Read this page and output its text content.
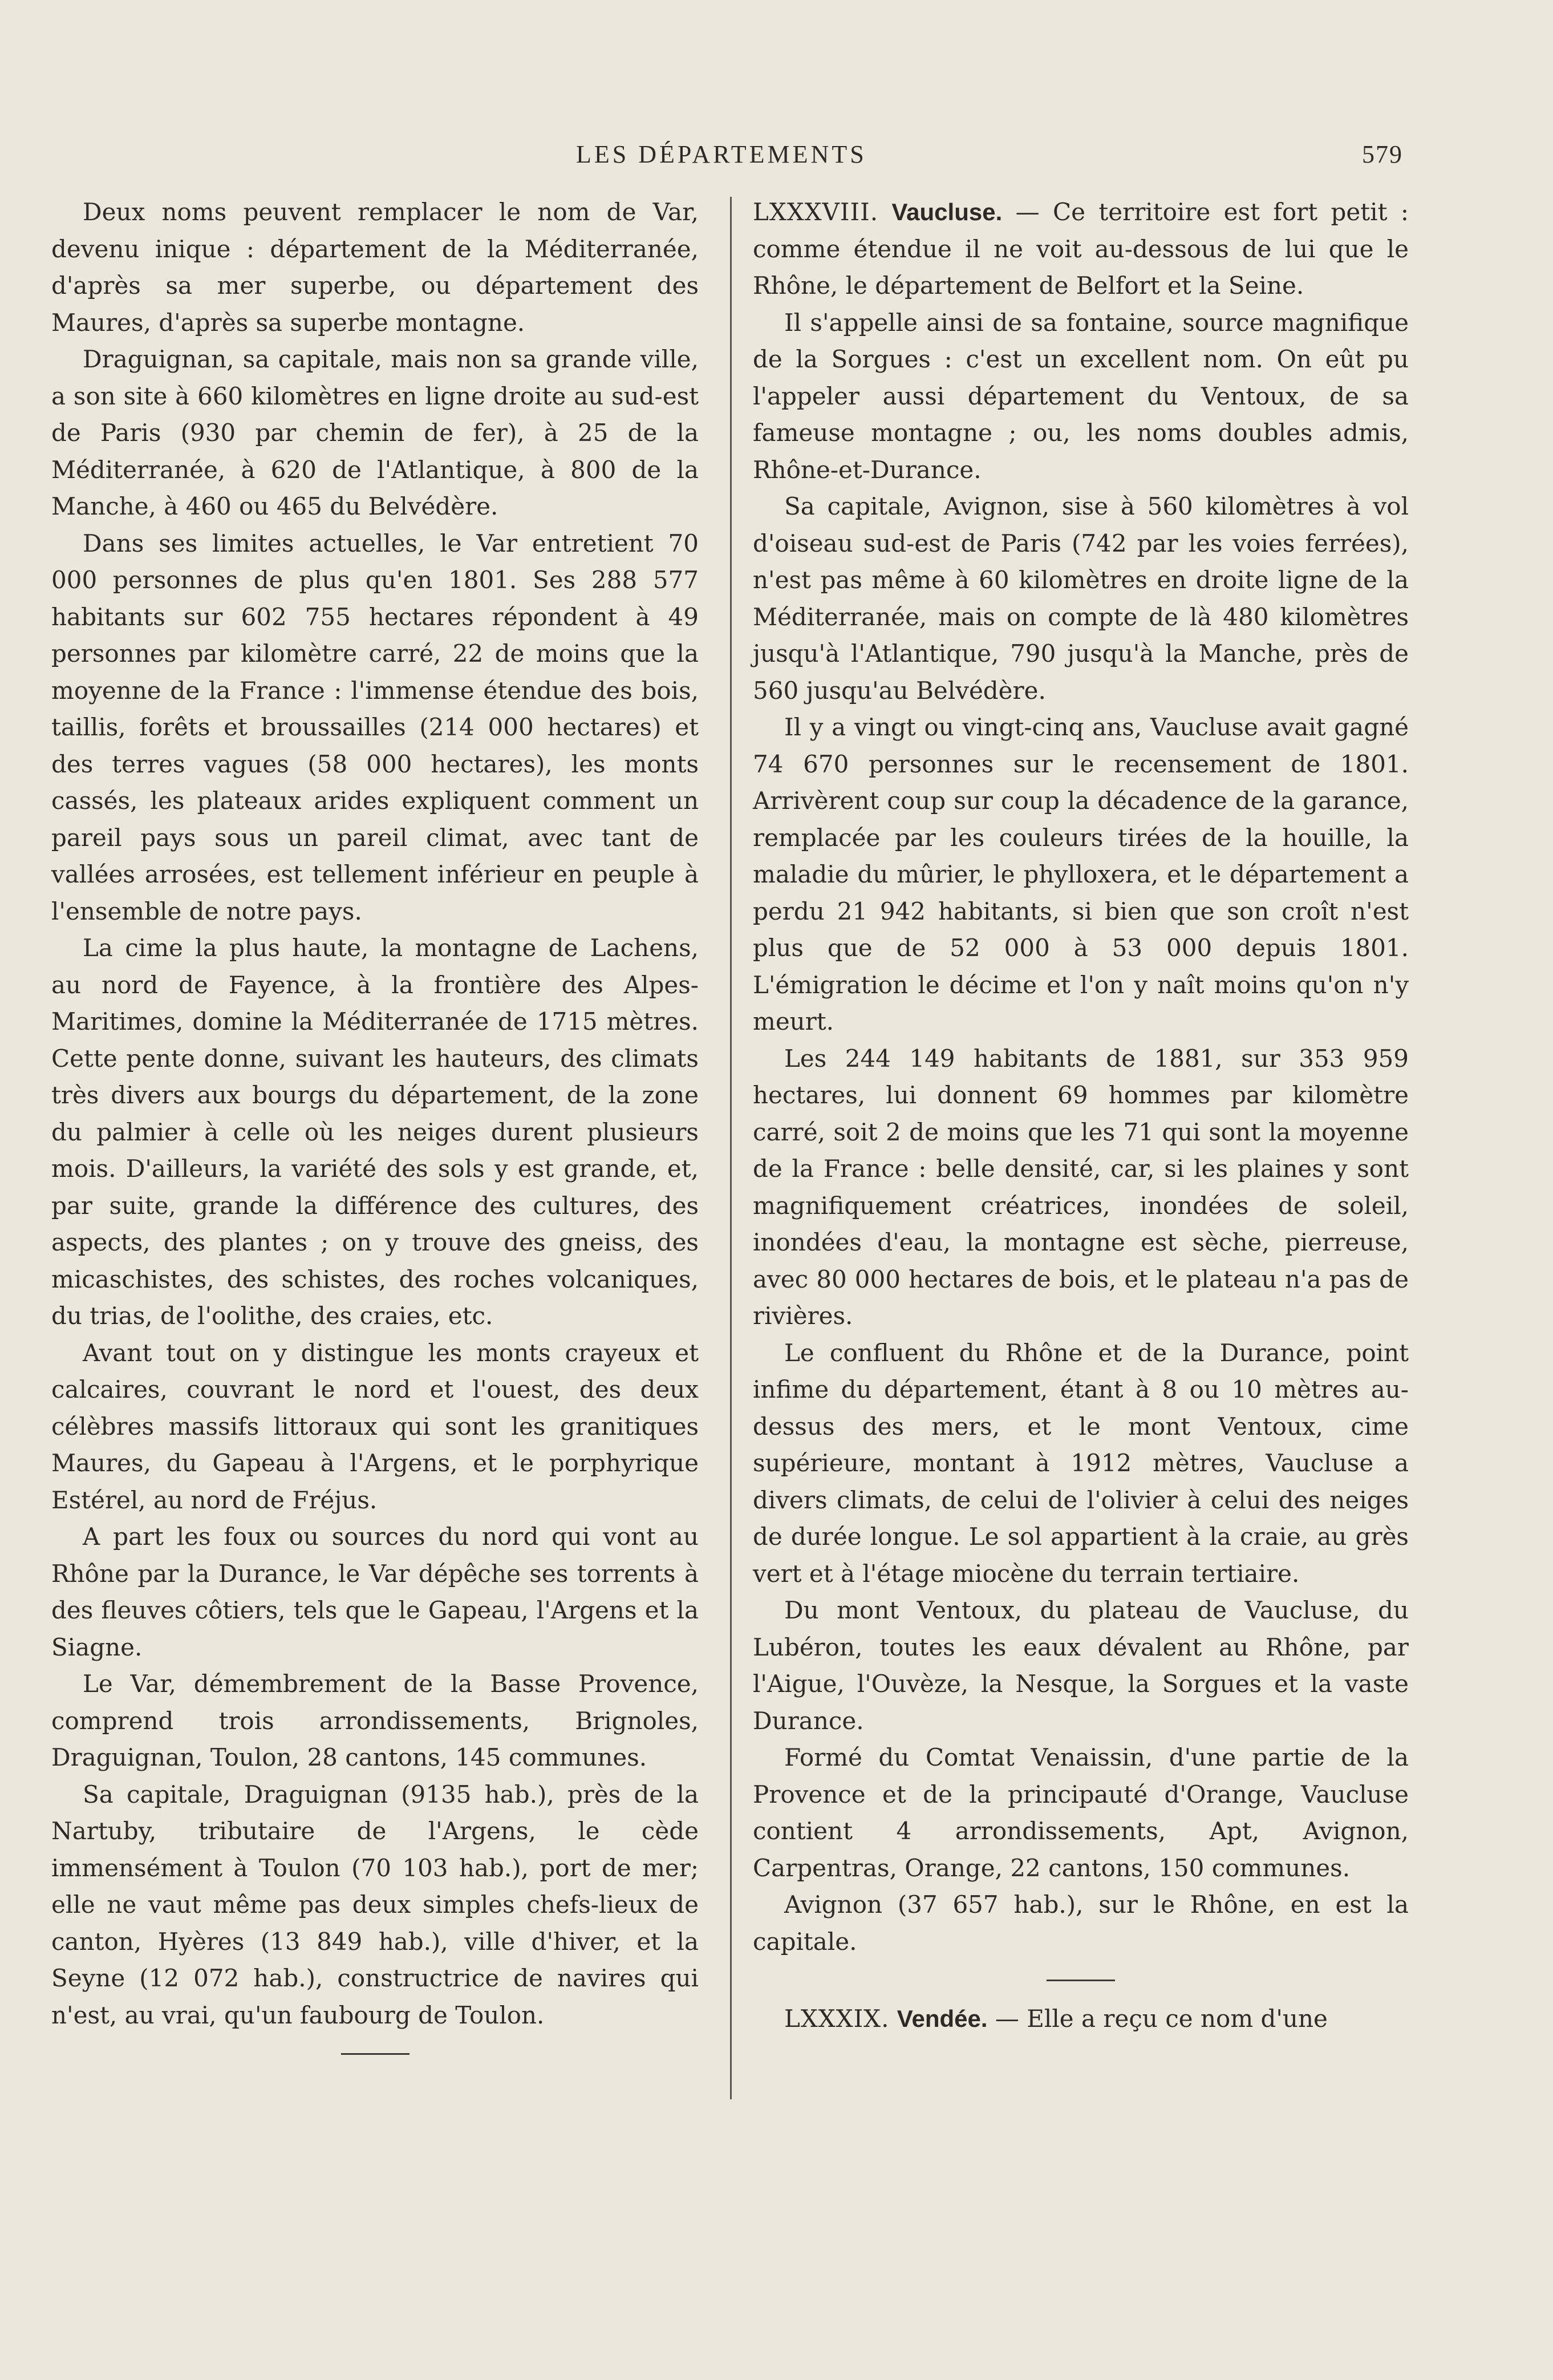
LES DÉPARTEMENTS	579

Deux noms peuvent remplacer le nom de Var, devenu inique : département de la Méditerranée, d'après sa mer superbe, ou département des Maures, d'après sa superbe montagne.

Draguignan, sa capitale, mais non sa grande ville, a son site à 660 kilomètres en ligne droite au sud-est de Paris (930 par chemin de fer), à 25 de la Méditerranée, à 620 de l'Atlantique, à 800 de la Manche, à 460 ou 465 du Belvédère.

Dans ses limites actuelles, le Var entretient 70 000 personnes de plus qu'en 1801. Ses 288 577 habitants sur 602 755 hectares répondent à 49 personnes par kilomètre carré, 22 de moins que la moyenne de la France : l'immense étendue des bois, taillis, forêts et broussailles (214 000 hectares) et des terres vagues (58 000 hectares), les monts cassés, les plateaux arides expliquent comment un pareil pays sous un pareil climat, avec tant de vallées arrosées, est tellement inférieur en peuple à l'ensemble de notre pays.

La cime la plus haute, la montagne de Lachens, au nord de Fayence, à la frontière des Alpes-Maritimes, domine la Méditerranée de 1715 mètres. Cette pente donne, suivant les hauteurs, des climats très divers aux bourgs du département, de la zone du palmier à celle où les neiges durent plusieurs mois. D'ailleurs, la variété des sols y est grande, et, par suite, grande la différence des cultures, des aspects, des plantes ; on y trouve des gneiss, des micaschistes, des schistes, des roches volcaniques, du trias, de l'oolithe, des craies, etc.

Avant tout on y distingue les monts crayeux et calcaires, couvrant le nord et l'ouest, des deux célèbres massifs littoraux qui sont les granitiques Maures, du Gapeau à l'Argens, et le porphyrique Estérel, au nord de Fréjus.

A part les foux ou sources du nord qui vont au Rhône par la Durance, le Var dépêche ses torrents à des fleuves côtiers, tels que le Gapeau, l'Argens et la Siagne.

Le Var, démembrement de la Basse Provence, comprend trois arrondissements, Brignoles, Draguignan, Toulon, 28 cantons, 145 communes.

Sa capitale, Draguignan (9135 hab.), près de la Nartuby, tributaire de l'Argens, le cède immensément à Toulon (70 103 hab.), port de mer; elle ne vaut même pas deux simples chefs-lieux de canton, Hyères (13 849 hab.), ville d'hiver, et la Seyne (12 072 hab.), constructrice de navires qui n'est, au vrai, qu'un faubourg de Toulon.

LXXXVIII. Vaucluse. — Ce territoire est fort petit : comme étendue il ne voit au-dessous de lui que le Rhône, le département de Belfort et la Seine.

Il s'appelle ainsi de sa fontaine, source magnifique de la Sorgues : c'est un excellent nom. On eût pu l'appeler aussi département du Ventoux, de sa fameuse montagne ; ou, les noms doubles admis, Rhône-et-Durance.

Sa capitale, Avignon, sise à 560 kilomètres à vol d'oiseau sud-est de Paris (742 par les voies ferrées), n'est pas même à 60 kilomètres en droite ligne de la Méditerranée, mais on compte de là 480 kilomètres jusqu'à l'Atlantique, 790 jusqu'à la Manche, près de 560 jusqu'au Belvédère.

Il y a vingt ou vingt-cinq ans, Vaucluse avait gagné 74 670 personnes sur le recensement de 1801. Arrivèrent coup sur coup la décadence de la garance, remplacée par les couleurs tirées de la houille, la maladie du mûrier, le phylloxera, et le département a perdu 21 942 habitants, si bien que son croît n'est plus que de 52 000 à 53 000 depuis 1801. L'émigration le décime et l'on y naît moins qu'on n'y meurt.

Les 244 149 habitants de 1881, sur 353 959 hectares, lui donnent 69 hommes par kilomètre carré, soit 2 de moins que les 71 qui sont la moyenne de la France : belle densité, car, si les plaines y sont magnifiquement créatrices, inondées de soleil, inondées d'eau, la montagne est sèche, pierreuse, avec 80 000 hectares de bois, et le plateau n'a pas de rivières.

Le confluent du Rhône et de la Durance, point infime du département, étant à 8 ou 10 mètres au-dessus des mers, et le mont Ventoux, cime supérieure, montant à 1912 mètres, Vaucluse a divers climats, de celui de l'olivier à celui des neiges de durée longue. Le sol appartient à la craie, au grès vert et à l'étage miocène du terrain tertiaire.

Du mont Ventoux, du plateau de Vaucluse, du Lubéron, toutes les eaux dévalent au Rhône, par l'Aigue, l'Ouvèze, la Nesque, la Sorgues et la vaste Durance.

Formé du Comtat Venaissin, d'une partie de la Provence et de la principauté d'Orange, Vaucluse contient 4 arrondissements, Apt, Avignon, Carpentras, Orange, 22 cantons, 150 communes.

Avignon (37 657 hab.), sur le Rhône, en est la capitale.

LXXXIX. Vendée. — Elle a reçu ce nom d'une
